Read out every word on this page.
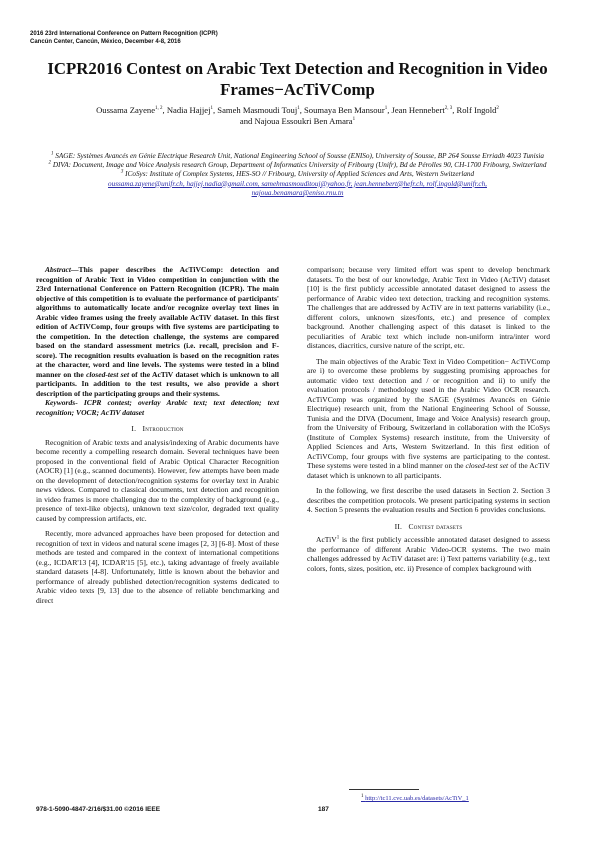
2016 23rd International Conference on Pattern Recognition (ICPR)
Cancún Center, Cancún, México, December 4-8, 2016
ICPR2016 Contest on Arabic Text Detection and Recognition in Video Frames−AcTiVComp
Oussama Zayene$^{1, 2}$, Nadia Hajjej$^1$, Sameh Masmoudi Touj$^1$, Soumaya Ben Mansour$^1$, Jean Hennebert$^{2, 3}$, Rolf Ingold$^2$
and Najoua Essoukri Ben Amara$^1$
$^1$ SAGE: Systèmes Avancés en Génie Electrique Research Unit, National Engineering School of Sousse (ENISo), University of Sousse, BP 264 Sousse Erriadh 4023 Tunisia
$^2$ DIVA: Document, Image and Voice Analysis research Group, Department of Informatics University of Fribourg (Unifr), Bd de Pérolles 90, CH-1700 Fribourg, Switzerland
$^3$ ICoSys: Institute of Complex Systems, HES-SO // Fribourg, University of Applied Sciences and Arts, Western Switzerland
oussama.zayene@unifr.ch, hajjej.nadia@gmail.com, samehmasmouditouj@yahoo.fr, jean.hennebert@hefr.ch, rolf.ingold@unifr.ch,
najoua.benamara@eniso.rnu.tn

Abstract—This paper describes the AcTiVComp: detection and recognition of Arabic Text in Video competition in conjunction with the 23rd International Conference on Pattern Recognition (ICPR). The main objective of this competition is to evaluate the performance of participants' algorithms to automatically locate and/or recognize overlay text lines in Arabic video frames using the freely available AcTiV dataset. In this first edition of AcTiVComp, four groups with five systems are participating to the competition. In the detection challenge, the systems are compared based on the standard assessment metrics (i.e. recall, precision and F-score). The recognition results evaluation is based on the recognition rates at the character, word and line levels. The systems were tested in a blind manner on the closed-test set of the AcTiV dataset which is unknown to all participants. In addition to the test results, we also provide a short description of the participating groups and their systems.

Keywords- ICPR contest; overlay Arabic text; text detection; text recognition; VOCR; AcTiV dataset

I. Introduction

Recognition of Arabic texts and analysis/indexing of Arabic documents have become recently a compelling research domain. Several techniques have been proposed in the conventional field of Arabic Optical Character Recognition (AOCR) [1] (e.g., scanned documents). However, few attempts have been made on the development of detection/recognition systems for overlay text in Arabic news videos. Compared to classical documents, text detection and recognition in video frames is more challenging due to the complexity of background (e.g., presence of text-like objects), unknown text size/color, degraded text quality caused by compression artifacts, etc.

Recently, more advanced approaches have been proposed for detection and recognition of text in videos and natural scene images [2, 3] [6-8]. Most of these methods are tested and compared in the context of international competitions (e.g., ICDAR'13 [4], ICDAR'15 [5], etc.), taking advantage of freely available standard datasets [4-8]. Unfortunately, little is known about the behavior and performance of already published detection/recognition systems dedicated to Arabic video texts [9, 13] due to the absence of reliable benchmarking and direct

comparison; because very limited effort was spent to develop benchmark datasets. To the best of our knowledge, Arabic Text in Video (AcTiV) dataset [10] is the first publicly accessible annotated dataset designed to assess the performance of Arabic video text detection, tracking and recognition systems. The challenges that are addressed by AcTiV are in text patterns variability (i.e., different colors, unknown sizes/fonts, etc.) and presence of complex background. Another challenging aspect of this dataset is linked to the peculiarities of Arabic text which include non-uniform intra/inter word distances, diacritics, cursive nature of the script, etc.

The main objectives of the Arabic Text in Video Competition− AcTiVComp are i) to overcome these problems by suggesting promising approaches for automatic video text detection and / or recognition and ii) to unify the evaluation protocols / methodology used in the Arabic Video OCR research. AcTiVComp was organized by the SAGE (Systèmes Avancés en Génie Electrique) research unit, from the National Engineering School of Sousse, Tunisia and the DIVA (Document, Image and Voice Analysis) research group, from the University of Fribourg, Switzerland in collaboration with the ICoSys (Institute of Complex Systems) research institute, from the University of Applied Sciences and Arts, Western Switzerland. In this first edition of AcTiVComp, four groups with five systems are participating to the contest. These systems were tested in a blind manner on the closed-test set of the AcTiV dataset which is unknown to all participants.

In the following, we first describe the used datasets in Section 2. Section 3 describes the competition protocols. We present participating systems in section 4. Section 5 presents the evaluation results and Section 6 provides conclusions.

II. Contest datasets

AcTiV$^1$ is the first publicly accessible annotated dataset designed to assess the performance of different Arabic Video-OCR systems. The two main challenges addressed by AcTiV dataset are: i) Text patterns variability (e.g., text colors, fonts, sizes, position, etc. ii) Presence of complex background with

$^1$ http://tc11.cvc.uab.es/datasets/AcTiV_1
978-1-5090-4847-2/16/$31.00 ©2016 IEEE	187
